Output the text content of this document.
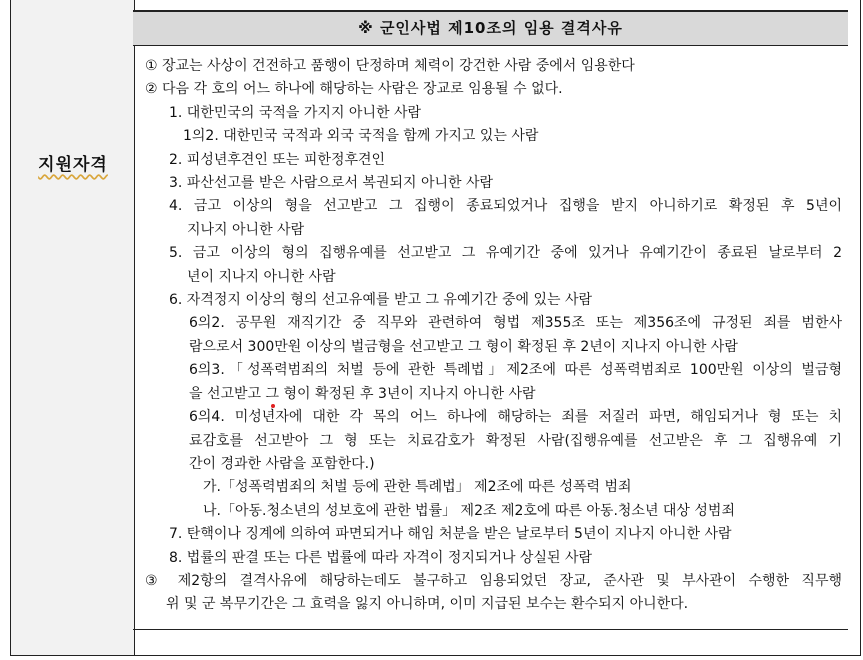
지원자격
※ 군인사법 제10조의 임용 결격사유
① 장교는 사상이 건전하고 품행이 단정하며 체력이 강건한 사람 중에서 임용한다
② 다음 각 호의 어느 하나에 해당하는 사람은 장교로 임용될 수 없다.
1. 대한민국의 국적을 가지지 아니한 사람
1의2. 대한민국 국적과 외국 국적을 함께 가지고 있는 사람
2. 피성년후견인 또는 피한정후견인
3. 파산선고를 받은 사람으로서 복권되지 아니한 사람
4. 금고 이상의 형을 선고받고 그 집행이 종료되었거나 집행을 받지 아니하기로 확정된 후 5년이
지나지 아니한 사람
5. 금고 이상의 형의 집행유예를 선고받고 그 유예기간 중에 있거나 유예기간이 종료된 날로부터 2
년이 지나지 아니한 사람
6. 자격정지 이상의 형의 선고유예를 받고 그 유예기간 중에 있는 사람
6의2. 공무원 재직기간 중 직무와 관련하여 형법 제355조 또는 제356조에 규정된 죄를 범한사
람으로서 300만원 이상의 벌금형을 선고받고 그 형이 확정된 후 2년이 지나지 아니한 사람
6의3.「성폭력범죄의 처벌 등에 관한 특례법」제2조에 따른 성폭력범죄로 100만원 이상의 벌금형
을 선고받고 그 형이 확정된 후 3년이 지나지 아니한 사람
6의4. 미성년자에 대한 각 목의 어느 하나에 해당하는 죄를 저질러 파면, 해임되거나 형 또는 치
료감호를 선고받아 그 형 또는 치료감호가 확정된 사람(집행유예를 선고받은 후 그 집행유예 기
간이 경과한 사람을 포함한다.)
가.「성폭력범죄의 처벌 등에 관한 특례법」 제2조에 따른 성폭력 범죄
나.「아동.청소년의 성보호에 관한 법률」 제2조 제2호에 따른 아동.청소년 대상 성범죄
7. 탄핵이나 징계에 의하여 파면되거나 해임 처분을 받은 날로부터 5년이 지나지 아니한 사람
8. 법률의 판결 또는 다른 법률에 따라 자격이 정지되거나 상실된 사람
③ 제2항의 결격사유에 해당하는데도 불구하고 임용되었던 장교, 준사관 및 부사관이 수행한 직무행
위 및 군 복무기간은 그 효력을 잃지 아니하며, 이미 지급된 보수는 환수되지 아니한다.
